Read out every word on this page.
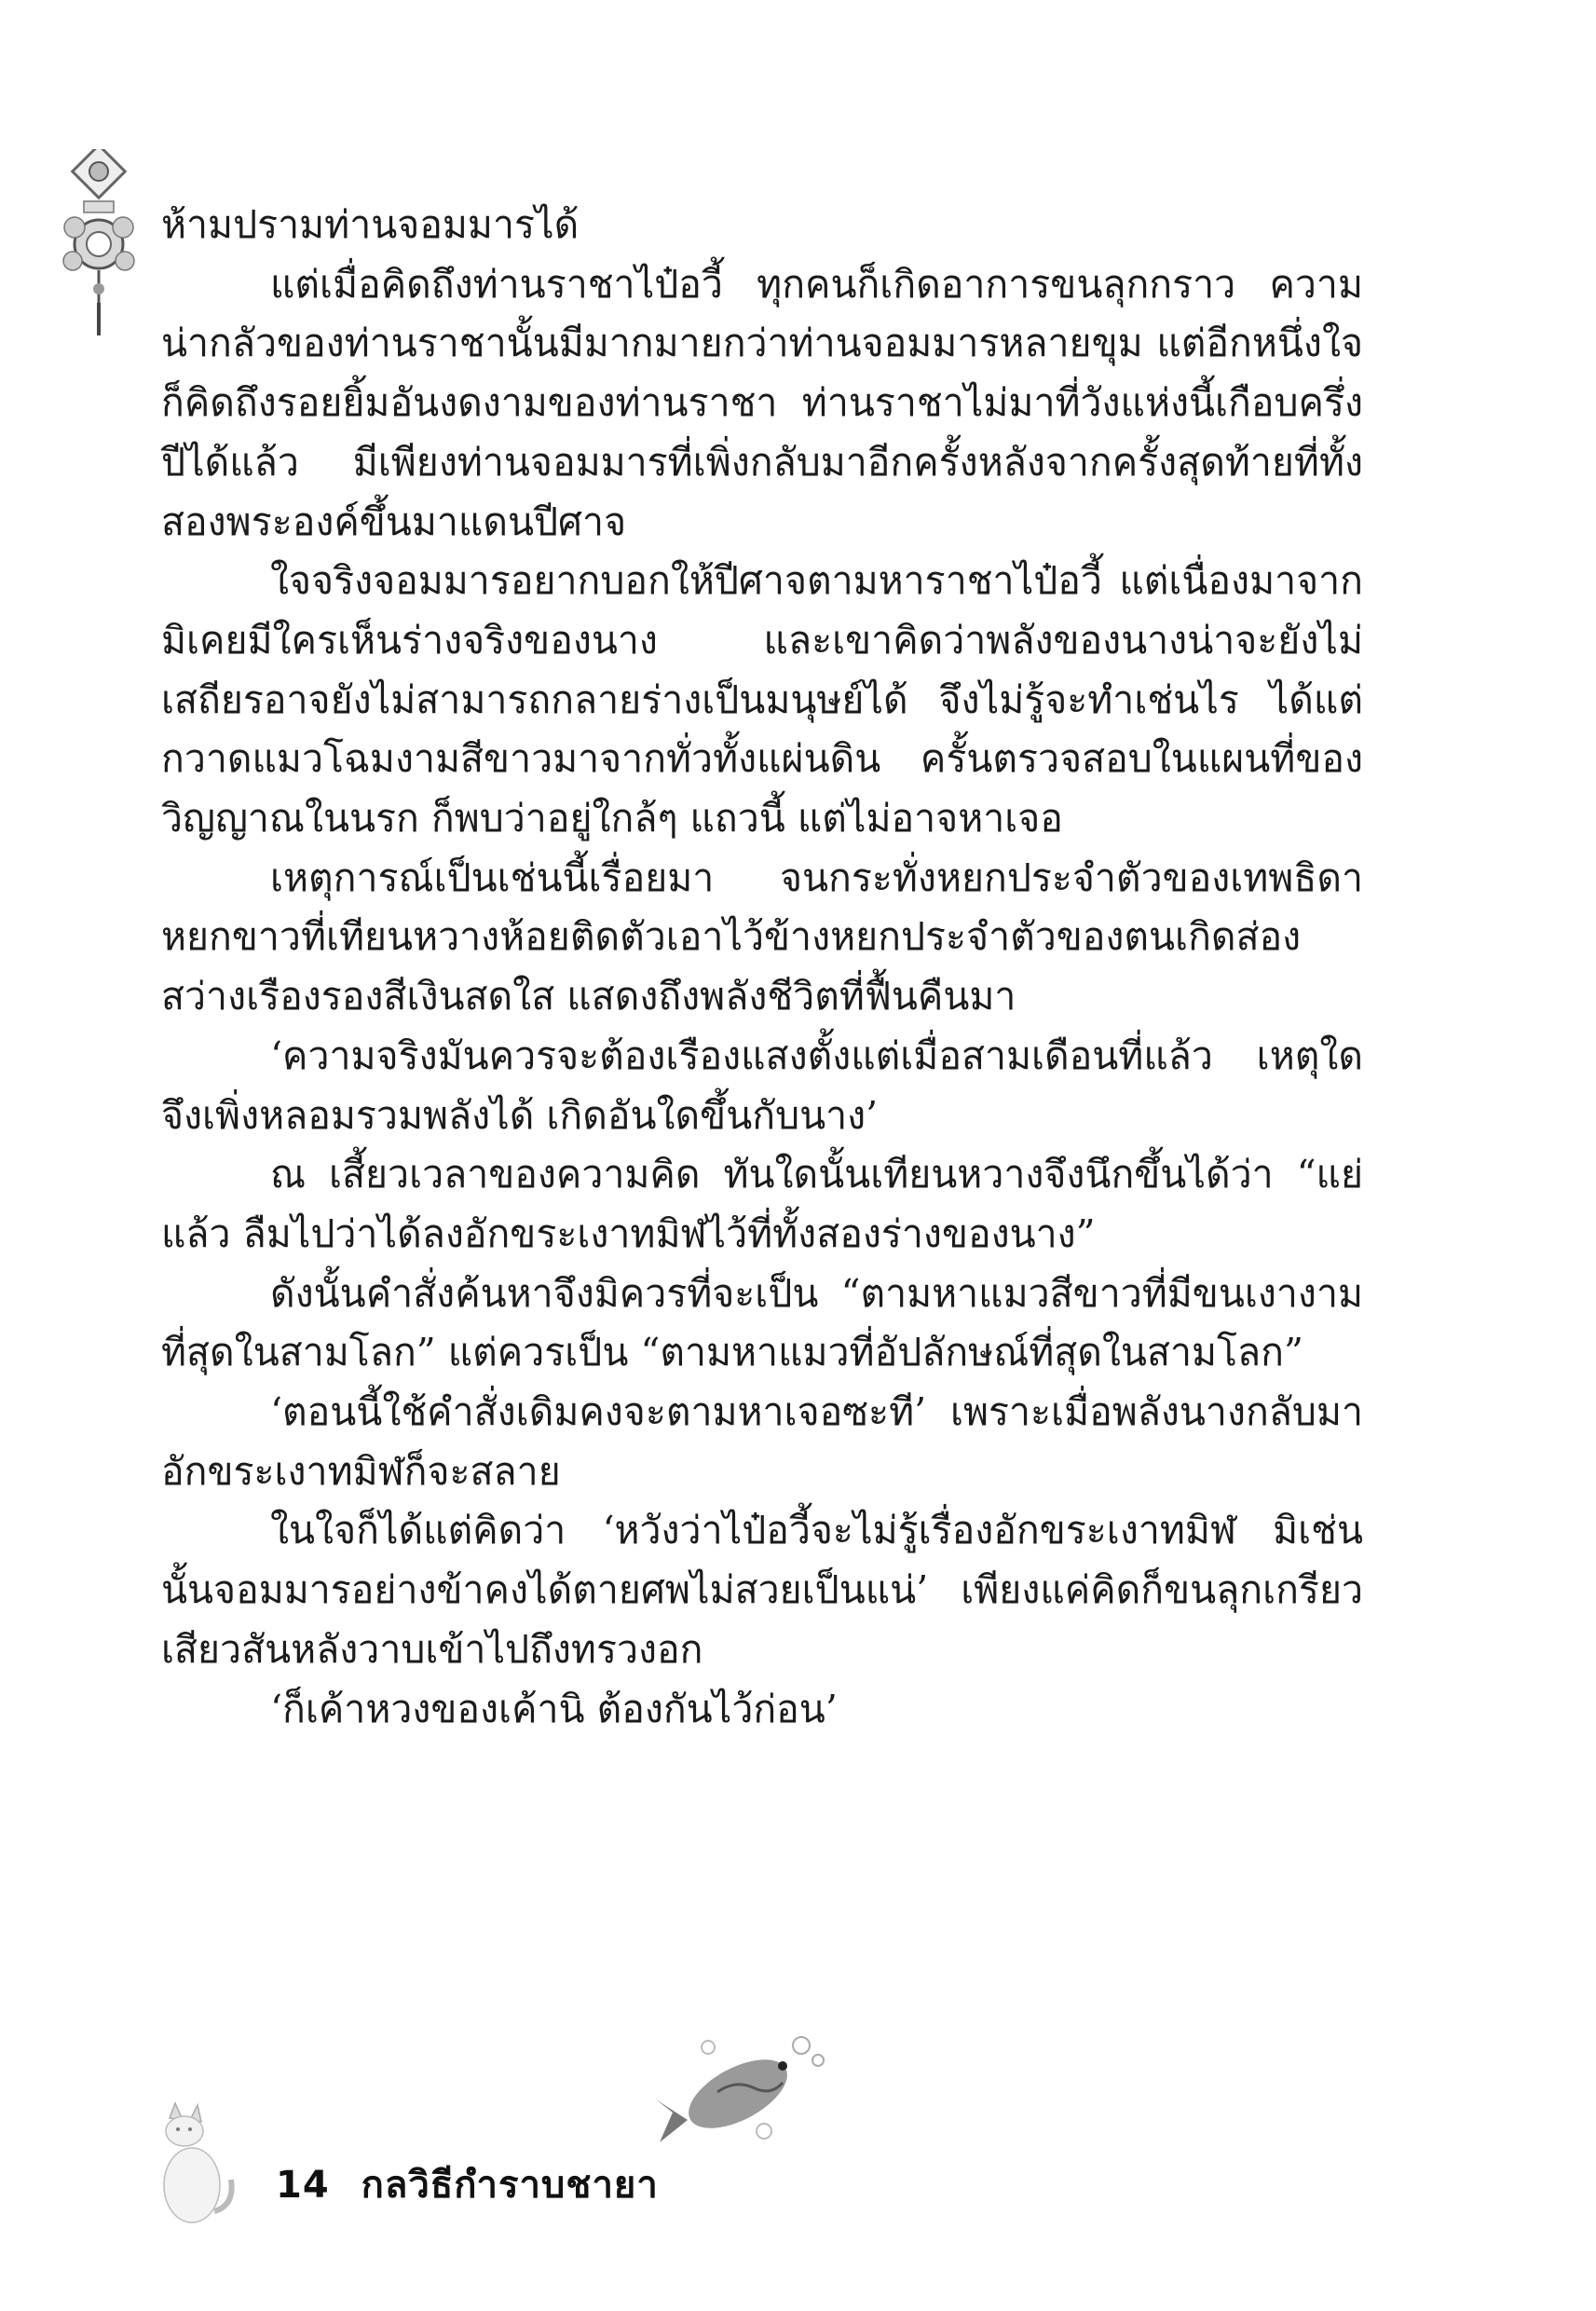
ห้ามปรามท่านจอมมารได้

แต่เมื่อคิดถึงท่านราชาไป๋อวี้ ทุกคนก็เกิดอาการขนลุกกราว ความน่ากลัวของท่านราชานั้นมีมากมายกว่าท่านจอมมารหลายขุม แต่อีกหนึ่งใจก็คิดถึงรอยยิ้มอันงดงามของท่านราชา ท่านราชาไม่มาที่วังแห่งนี้เกือบครึ่งปีได้แล้ว มีเพียงท่านจอมมารที่เพิ่งกลับมาอีกครั้งหลังจากครั้งสุดท้ายที่ทั้งสองพระองค์ขึ้นมาแดนปีศาจ

ใจจริงจอมมารอยากบอกให้ปีศาจตามหาราชาไป๋อวี้ แต่เนื่องมาจากมิเคยมีใครเห็นร่างจริงของนาง และเขาคิดว่าพลังของนางน่าจะยังไม่เสถียรอาจยังไม่สามารถกลายร่างเป็นมนุษย์ได้ จึงไม่รู้จะทำเช่นไร ได้แต่กวาดแมวโฉมงามสีขาวมาจากทั่วทั้งแผ่นดิน ครั้นตรวจสอบในแผนที่ของวิญญาณในนรก ก็พบว่าอยู่ใกล้ๆ แถวนี้ แต่ไม่อาจหาเจอ

เหตุการณ์เป็นเช่นนี้เรื่อยมา จนกระทั่งหยกประจำตัวของเทพธิดาหยกขาวที่เทียนหวางห้อยติดตัวเอาไว้ข้างหยกประจำตัวของตนเกิดส่องสว่างเรืองรองสีเงินสดใส แสดงถึงพลังชีวิตที่ฟื้นคืนมา

‘ความจริงมันควรจะต้องเรืองแสงตั้งแต่เมื่อสามเดือนที่แล้ว เหตุใดจึงเพิ่งหลอมรวมพลังได้ เกิดอันใดขึ้นกับนาง’

ณ เสี้ยวเวลาของความคิด ทันใดนั้นเทียนหวางจึงนึกขึ้นได้ว่า “แย่แล้ว ลืมไปว่าได้ลงอักขระเงาทมิฬไว้ที่ทั้งสองร่างของนาง”

ดังนั้นคำสั่งค้นหาจึงมิควรที่จะเป็น “ตามหาแมวสีขาวที่มีขนเงางามที่สุดในสามโลก” แต่ควรเป็น “ตามหาแมวที่อัปลักษณ์ที่สุดในสามโลก”

‘ตอนนี้ใช้คำสั่งเดิมคงจะตามหาเจอซะที’ เพราะเมื่อพลังนางกลับมาอักขระเงาทมิฬก็จะสลาย

ในใจก็ได้แต่คิดว่า ‘หวังว่าไป๋อวี้จะไม่รู้เรื่องอักขระเงาทมิฬ มิเช่นนั้นจอมมารอย่างข้าคงได้ตายศพไม่สวยเป็นแน่’ เพียงแค่คิดก็ขนลุกเกรียวเสียวสันหลังวาบเข้าไปถึงทรวงอก

‘ก็เค้าหวงของเค้านิ ต้องกันไว้ก่อน’

14 กลวิธีกำราบชายา
